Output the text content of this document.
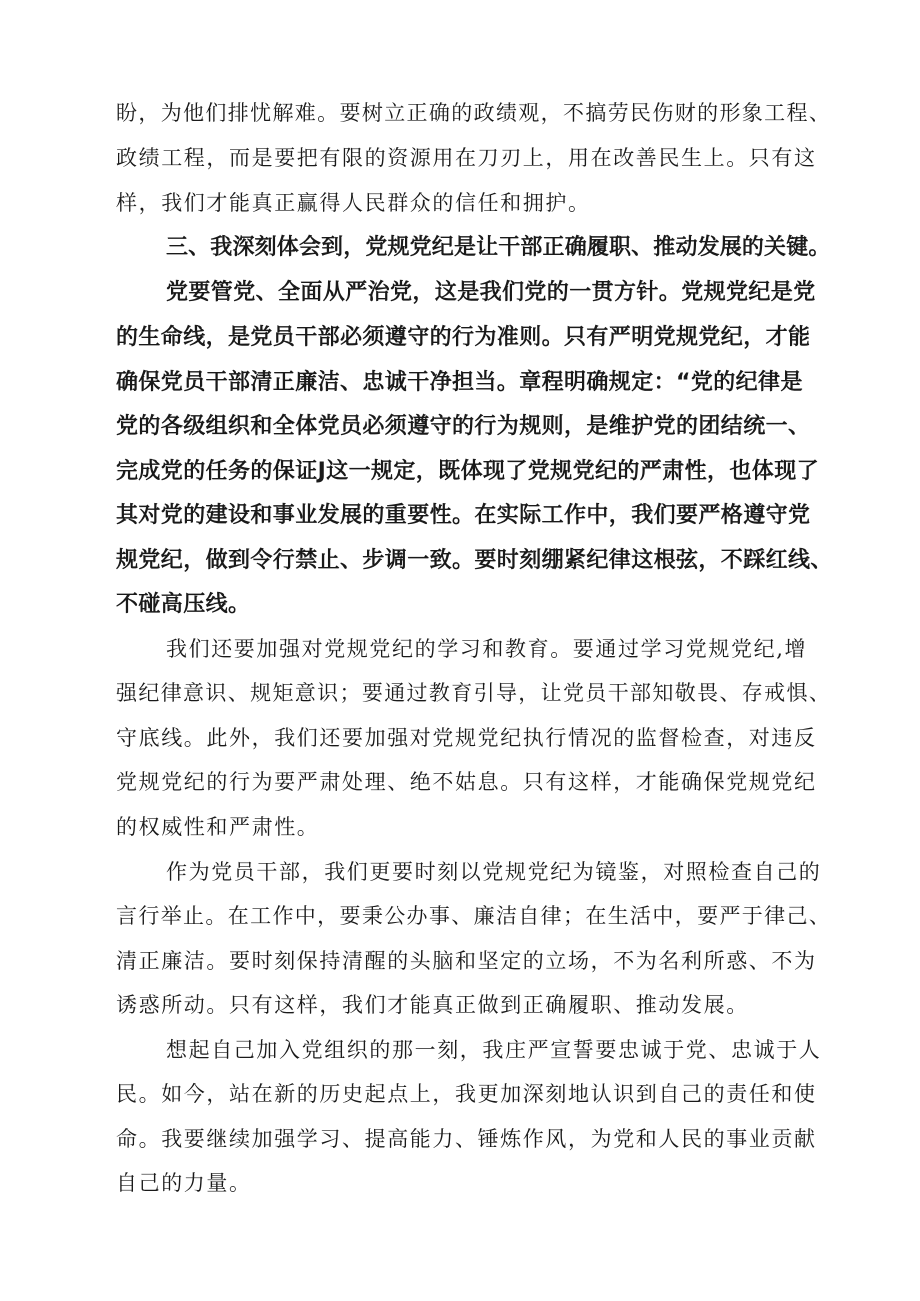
盼，为他们排忧解难。要树立正确的政绩观，不搞劳民伤财的形象工程、
政绩工程，而是要把有限的资源用在刀刃上，用在改善民生上。只有这
样，我们才能真正赢得人民群众的信任和拥护。
三、我深刻体会到，党规党纪是让干部正确履职、推动发展的关键。
党要管党、全面从严治党，这是我们党的一贯方针。党规党纪是党
的生命线，是党员干部必须遵守的行为准则。只有严明党规党纪，才能
确保党员干部清正廉洁、忠诚干净担当。章程明确规定：“党的纪律是
党的各级组织和全体党员必须遵守的行为规则，是维护党的团结统一、
完成党的任务的保证J这一规定，既体现了党规党纪的严肃性，也体现了
其对党的建设和事业发展的重要性。在实际工作中，我们要严格遵守党
规党纪，做到令行禁止、步调一致。要时刻绷紧纪律这根弦，不踩红线、
不碰高压线。
我们还要加强对党规党纪的学习和教育。要通过学习党规党纪,增
强纪律意识、规矩意识；要通过教育引导，让党员干部知敬畏、存戒惧、
守底线。此外，我们还要加强对党规党纪执行情况的监督检查，对违反
党规党纪的行为要严肃处理、绝不姑息。只有这样，才能确保党规党纪
的权威性和严肃性。
作为党员干部，我们更要时刻以党规党纪为镜鉴，对照检查自己的
言行举止。在工作中，要秉公办事、廉洁自律；在生活中，要严于律己、
清正廉洁。要时刻保持清醒的头脑和坚定的立场，不为名利所惑、不为
诱惑所动。只有这样，我们才能真正做到正确履职、推动发展。
想起自己加入党组织的那一刻，我庄严宣誓要忠诚于党、忠诚于人
民。如今，站在新的历史起点上，我更加深刻地认识到自己的责任和使
命。我要继续加强学习、提高能力、锤炼作风，为党和人民的事业贡献
自己的力量。
